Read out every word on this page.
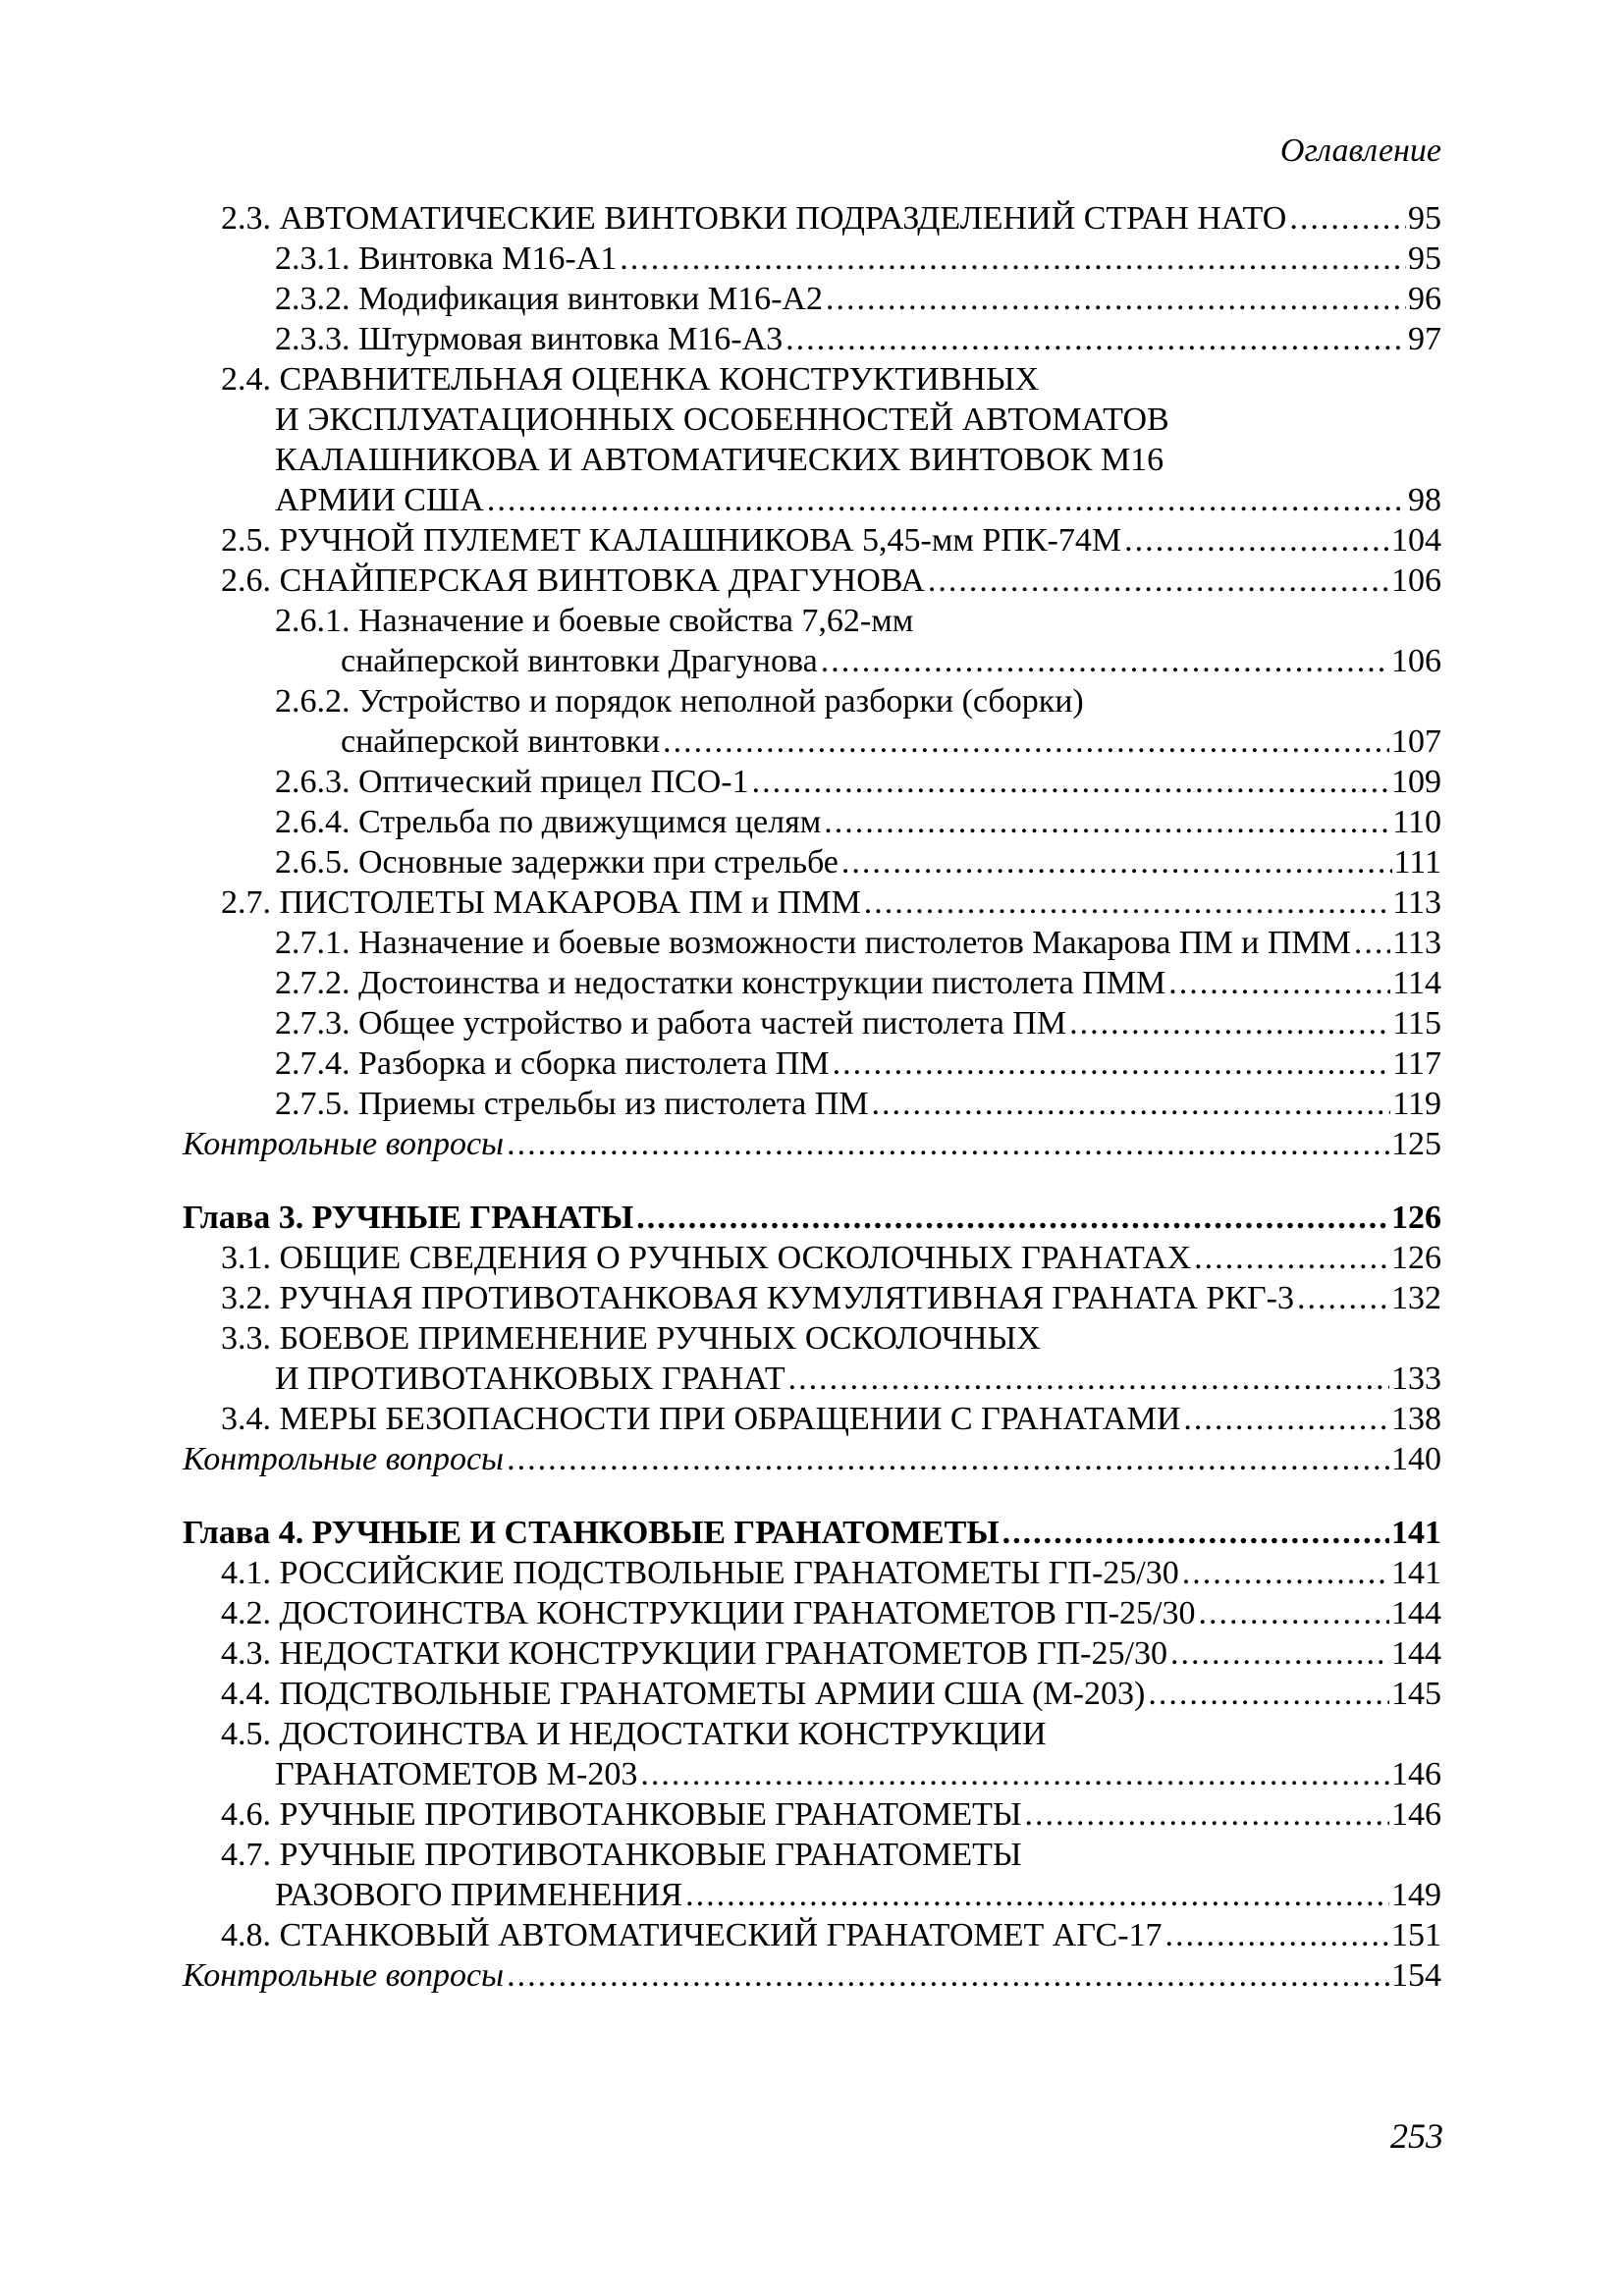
Оглавление
2.3. АВТОМАТИЧЕСКИЕ ВИНТОВКИ ПОДРАЗДЕЛЕНИЙ СТРАН НАТО .....	95
2.3.1. Винтовка М16-А1 .....	95
2.3.2. Модификация винтовки М16-А2 .....	96
2.3.3. Штурмовая винтовка М16-А3 .....	97
2.4. СРАВНИТЕЛЬНАЯ ОЦЕНКА КОНСТРУКТИВНЫХ
И ЭКСПЛУАТАЦИОННЫХ ОСОБЕННОСТЕЙ АВТОМАТОВ
КАЛАШНИКОВА И АВТОМАТИЧЕСКИХ ВИНТОВОК М16
АРМИИ США .....	98
2.5. РУЧНОЙ ПУЛЕМЕТ КАЛАШНИКОВА 5,45-мм РПК-74М .....	104
2.6. СНАЙПЕРСКАЯ ВИНТОВКА ДРАГУНОВА .....	106
2.6.1. Назначение и боевые свойства 7,62-мм
снайперской винтовки Драгунова .....	106
2.6.2. Устройство и порядок неполной разборки (сборки)
снайперской винтовки .....	107
2.6.3. Оптический прицел ПСО-1 .....	109
2.6.4. Стрельба по движущимся целям .....	110
2.6.5. Основные задержки при стрельбе .....	111
2.7. ПИСТОЛЕТЫ МАКАРОВА ПМ и ПММ .....	113
2.7.1. Назначение и боевые возможности пистолетов Макарова ПМ и ПММ ..... 113
2.7.2. Достоинства и недостатки конструкции пистолета ПММ .....	114
2.7.3. Общее устройство и работа частей пистолета ПМ .....	115
2.7.4. Разборка и сборка пистолета ПМ .....	117
2.7.5. Приемы стрельбы из пистолета ПМ .....	119
Контрольные вопросы .....	125
Глава 3. РУЧНЫЕ ГРАНАТЫ .....	126
3.1. ОБЩИЕ СВЕДЕНИЯ О РУЧНЫХ ОСКОЛОЧНЫХ ГРАНАТАХ .....	126
3.2. РУЧНАЯ ПРОТИВОТАНКОВАЯ КУМУЛЯТИВНАЯ ГРАНАТА РКГ-3 .....	132
3.3. БОЕВОЕ ПРИМЕНЕНИЕ РУЧНЫХ ОСКОЛОЧНЫХ
И ПРОТИВОТАНКОВЫХ ГРАНАТ .....	133
3.4. МЕРЫ БЕЗОПАСНОСТИ ПРИ ОБРАЩЕНИИ С ГРАНАТАМИ .....	138
Контрольные вопросы .....	140
Глава 4. РУЧНЫЕ И СТАНКОВЫЕ ГРАНАТОМЕТЫ .....	141
4.1. РОССИЙСКИЕ ПОДСТВОЛЬНЫЕ ГРАНАТОМЕТЫ ГП-25/30 .....	141
4.2. ДОСТОИНСТВА КОНСТРУКЦИИ ГРАНАТОМЕТОВ ГП-25/30 .....	144
4.3. НЕДОСТАТКИ КОНСТРУКЦИИ ГРАНАТОМЕТОВ ГП-25/30 .....	144
4.4. ПОДСТВОЛЬНЫЕ ГРАНАТОМЕТЫ АРМИИ США (М-203) .....	145
4.5. ДОСТОИНСТВА И НЕДОСТАТКИ КОНСТРУКЦИИ
ГРАНАТОМЕТОВ М-203 .....	146
4.6. РУЧНЫЕ ПРОТИВОТАНКОВЫЕ ГРАНАТОМЕТЫ .....	146
4.7. РУЧНЫЕ ПРОТИВОТАНКОВЫЕ ГРАНАТОМЕТЫ
РАЗОВОГО ПРИМЕНЕНИЯ .....	149
4.8. СТАНКОВЫЙ АВТОМАТИЧЕСКИЙ ГРАНАТОМЕТ АГС-17 .....	151
Контрольные вопросы .....	154
253
